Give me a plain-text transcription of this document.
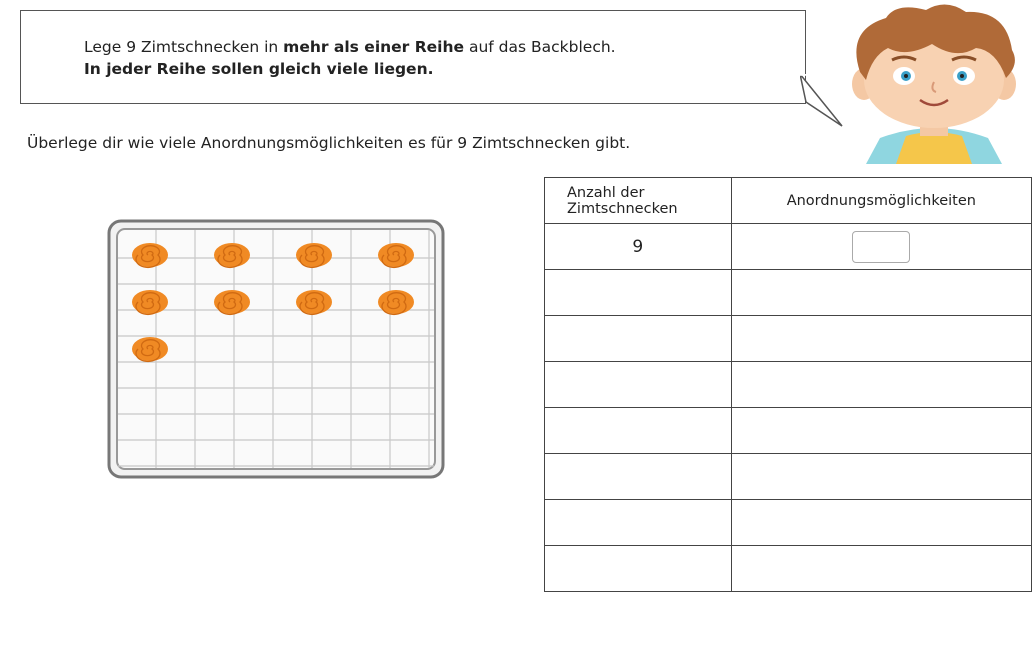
Lege 9 Zimtschnecken in mehr als einer Reihe auf das Backblech.
In jeder Reihe sollen gleich viele liegen.
Überlege dir wie viele Anordnungsmöglichkeiten es für 9 Zimtschnecken gibt.
Anzahl der
Zimtschnecken	Anordnungsmöglichkeiten
9	
